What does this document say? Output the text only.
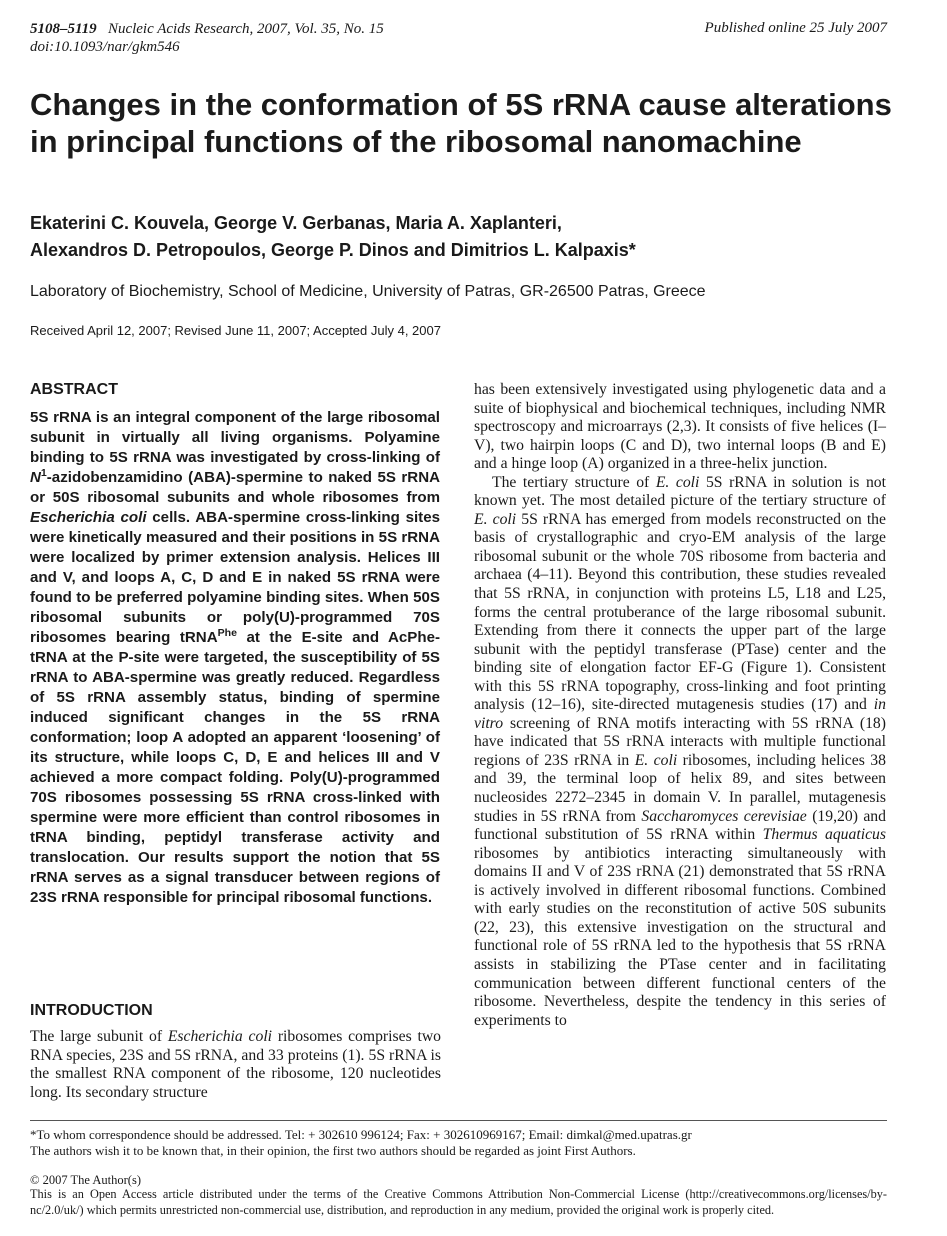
5108–5119 Nucleic Acids Research, 2007, Vol. 35, No. 15
doi:10.1093/nar/gkm546
Published online 25 July 2007
Changes in the conformation of 5S rRNA cause alterations in principal functions of the ribosomal nanomachine
Ekaterini C. Kouvela, George V. Gerbanas, Maria A. Xaplanteri,
Alexandros D. Petropoulos, George P. Dinos and Dimitrios L. Kalpaxis*
Laboratory of Biochemistry, School of Medicine, University of Patras, GR-26500 Patras, Greece
Received April 12, 2007; Revised June 11, 2007; Accepted July 4, 2007
ABSTRACT
5S rRNA is an integral component of the large ribosomal subunit in virtually all living organisms. Polyamine binding to 5S rRNA was investigated by cross-linking of $N^1$-azidobenzamidino (ABA)-spermine to naked 5S rRNA or 50S ribosomal subunits and whole ribosomes from Escherichia coli cells. ABA-spermine cross-linking sites were kinetically measured and their positions in 5S rRNA were localized by primer extension analysis. Helices III and V, and loops A, C, D and E in naked 5S rRNA were found to be preferred polyamine binding sites. When 50S ribosomal subunits or poly(U)-programmed 70S ribosomes bearing tRNA$^{Phe}$ at the E-site and AcPhe-tRNA at the P-site were targeted, the susceptibility of 5S rRNA to ABA-spermine was greatly reduced. Regardless of 5S rRNA assembly status, binding of spermine induced significant changes in the 5S rRNA conformation; loop A adopted an apparent ‘loosening’ of its structure, while loops C, D, E and helices III and V achieved a more compact folding. Poly(U)-programmed 70S ribosomes possessing 5S rRNA cross-linked with spermine were more efficient than control ribosomes in tRNA binding, peptidyl transferase activity and translocation. Our results support the notion that 5S rRNA serves as a signal transducer between regions of 23S rRNA responsible for principal ribosomal functions.
INTRODUCTION
The large subunit of Escherichia coli ribosomes comprises two RNA species, 23S and 5S rRNA, and 33 proteins (1). 5S rRNA is the smallest RNA component of the ribosome, 120 nucleotides long. Its secondary structure

has been extensively investigated using phylogenetic data and a suite of biophysical and biochemical techniques, including NMR spectroscopy and microarrays (2,3). It consists of five helices (I–V), two hairpin loops (C and D), two internal loops (B and E) and a hinge loop (A) organized in a three-helix junction.

The tertiary structure of E. coli 5S rRNA in solution is not known yet. The most detailed picture of the tertiary structure of E. coli 5S rRNA has emerged from models reconstructed on the basis of crystallographic and cryo-EM analysis of the large ribosomal subunit or the whole 70S ribosome from bacteria and archaea (4–11). Beyond this contribution, these studies revealed that 5S rRNA, in conjunction with proteins L5, L18 and L25, forms the central protuberance of the large ribosomal subunit. Extending from there it connects the upper part of the large subunit with the peptidyl transferase (PTase) center and the binding site of elongation factor EF-G (Figure 1). Consistent with this 5S rRNA topography, cross-linking and foot printing analysis (12–16), site-directed mutagenesis studies (17) and in vitro screening of RNA motifs interacting with 5S rRNA (18) have indicated that 5S rRNA interacts with multiple functional regions of 23S rRNA in E. coli ribosomes, including helices 38 and 39, the terminal loop of helix 89, and sites between nucleosides 2272–2345 in domain V. In parallel, mutagenesis studies in 5S rRNA from Saccharomyces cerevisiae (19,20) and functional substitution of 5S rRNA within Thermus aquaticus ribosomes by antibiotics interacting simultaneously with domains II and V of 23S rRNA (21) demonstrated that 5S rRNA is actively involved in different ribosomal functions. Combined with early studies on the reconstitution of active 50S subunits (22, 23), this extensive investigation on the structural and functional role of 5S rRNA led to the hypothesis that 5S rRNA assists in stabilizing the PTase center and in facilitating communication between different functional centers of the ribosome. Nevertheless, despite the tendency in this series of experiments to

*To whom correspondence should be addressed. Tel: + 302610 996124; Fax: + 302610969167; Email: dimkal@med.upatras.gr
The authors wish it to be known that, in their opinion, the first two authors should be regarded as joint First Authors.
© 2007 The Author(s)
This is an Open Access article distributed under the terms of the Creative Commons Attribution Non-Commercial License (http://creativecommons.org/licenses/by-nc/2.0/uk/) which permits unrestricted non-commercial use, distribution, and reproduction in any medium, provided the original work is properly cited.
